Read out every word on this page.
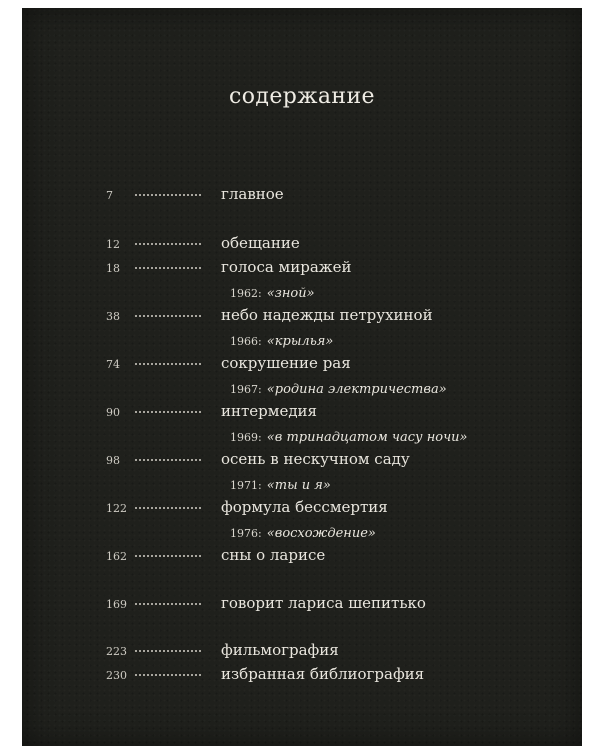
содержание
7	главное
12	обещание
18	голоса миражей
1962: «зной»
38	небо надежды петрухиной
1966: «крылья»
74	сокрушение рая
1967: «родина электричества»
90	интермедия
1969: «в тринадцатом часу ночи»
98	осень в нескучном саду
1971: «ты и я»
122	формула бессмертия
1976: «восхождение»
162	сны о ларисе
169	говорит лариса шепитько
223	фильмография
230	избранная библиография
